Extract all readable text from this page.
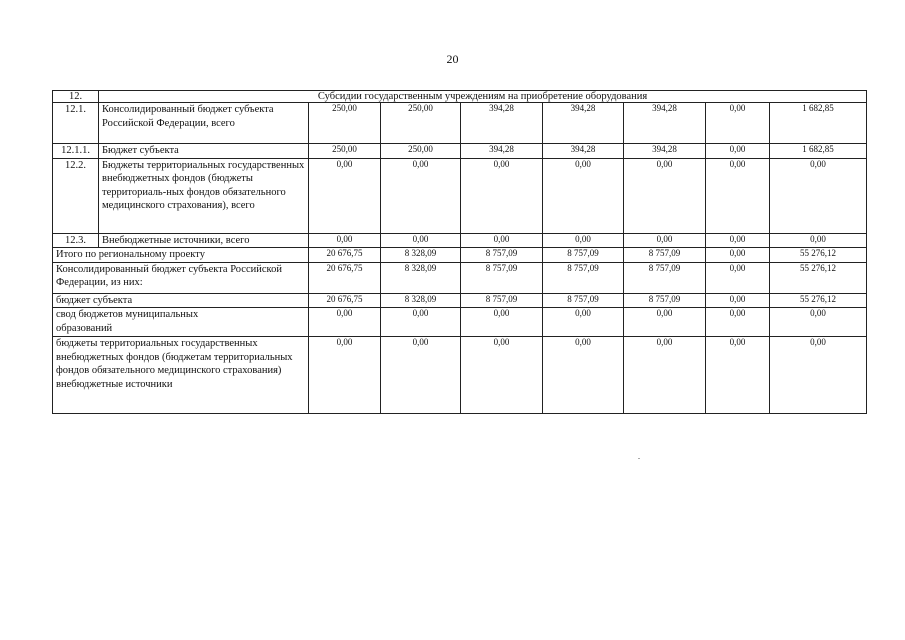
20
12.	Субсидии государственным учреждениям на приобретение оборудования							
12.1.	Консолидированный бюджет субъекта Российской Федерации, всего	250,00	250,00	394,28	394,28	394,28	0,00	1 682,85
12.1.1.	Бюджет субъекта	250,00	250,00	394,28	394,28	394,28	0,00	1 682,85
12.2.	Бюджеты территориальных государственных внебюджетных фондов (бюджеты территориаль-ных фондов обязательного медицинского страхования), всего	0,00	0,00	0,00	0,00	0,00	0,00	0,00
12.3.	Внебюджетные источники, всего	0,00	0,00	0,00	0,00	0,00	0,00	0,00
Итого по региональному проекту		20 676,75	8 328,09	8 757,09	8 757,09	8 757,09	0,00	55 276,12
Консолидированный бюджет субъекта Российской Федерации, из них:		20 676,75	8 328,09	8 757,09	8 757,09	8 757,09	0,00	55 276,12
бюджет субъекта		20 676,75	8 328,09	8 757,09	8 757,09	8 757,09	0,00	55 276,12
свод бюджетов муниципальных образований		0,00	0,00	0,00	0,00	0,00	0,00	0,00
бюджеты территориальных государственных внебюджетных фондов (бюджетам территориальных фондов обязательного медицинского страхования) внебюджетные источники		0,00	0,00	0,00	0,00	0,00	0,00	0,00
